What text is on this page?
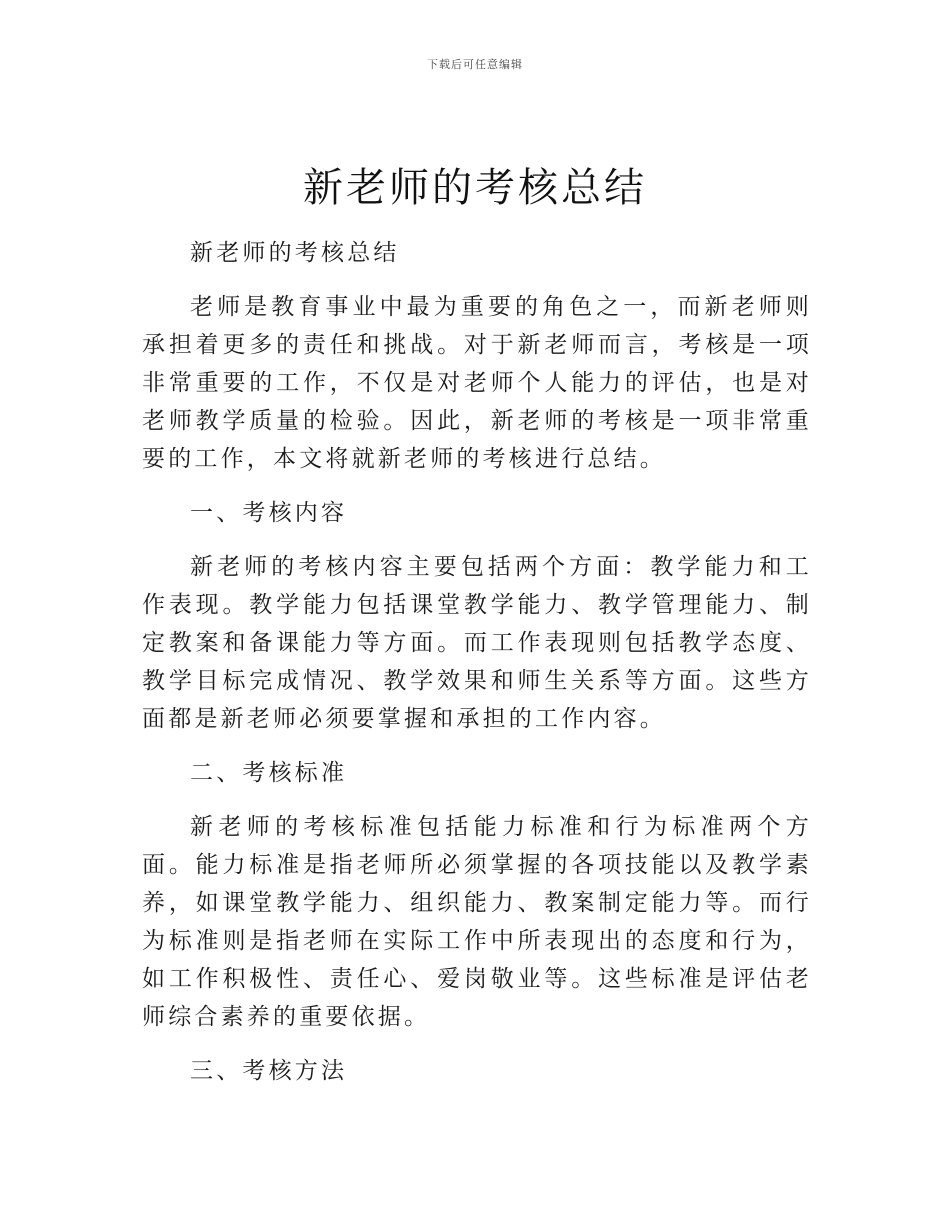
下载后可任意编辑
新老师的考核总结

新老师的考核总结

老师是教育事业中最为重要的角色之一，而新老师则承担着更多的责任和挑战。对于新老师而言，考核是一项非常重要的工作，不仅是对老师个人能力的评估，也是对老师教学质量的检验。因此，新老师的考核是一项非常重要的工作，本文将就新老师的考核进行总结。

一、考核内容

新老师的考核内容主要包括两个方面：教学能力和工作表现。教学能力包括课堂教学能力、教学管理能力、制定教案和备课能力等方面。而工作表现则包括教学态度、教学目标完成情况、教学效果和师生关系等方面。这些方面都是新老师必须要掌握和承担的工作内容。

二、考核标准

新老师的考核标准包括能力标准和行为标准两个方面。能力标准是指老师所必须掌握的各项技能以及教学素养，如课堂教学能力、组织能力、教案制定能力等。而行为标准则是指老师在实际工作中所表现出的态度和行为，如工作积极性、责任心、爱岗敬业等。这些标准是评估老师综合素养的重要依据。

三、考核方法
